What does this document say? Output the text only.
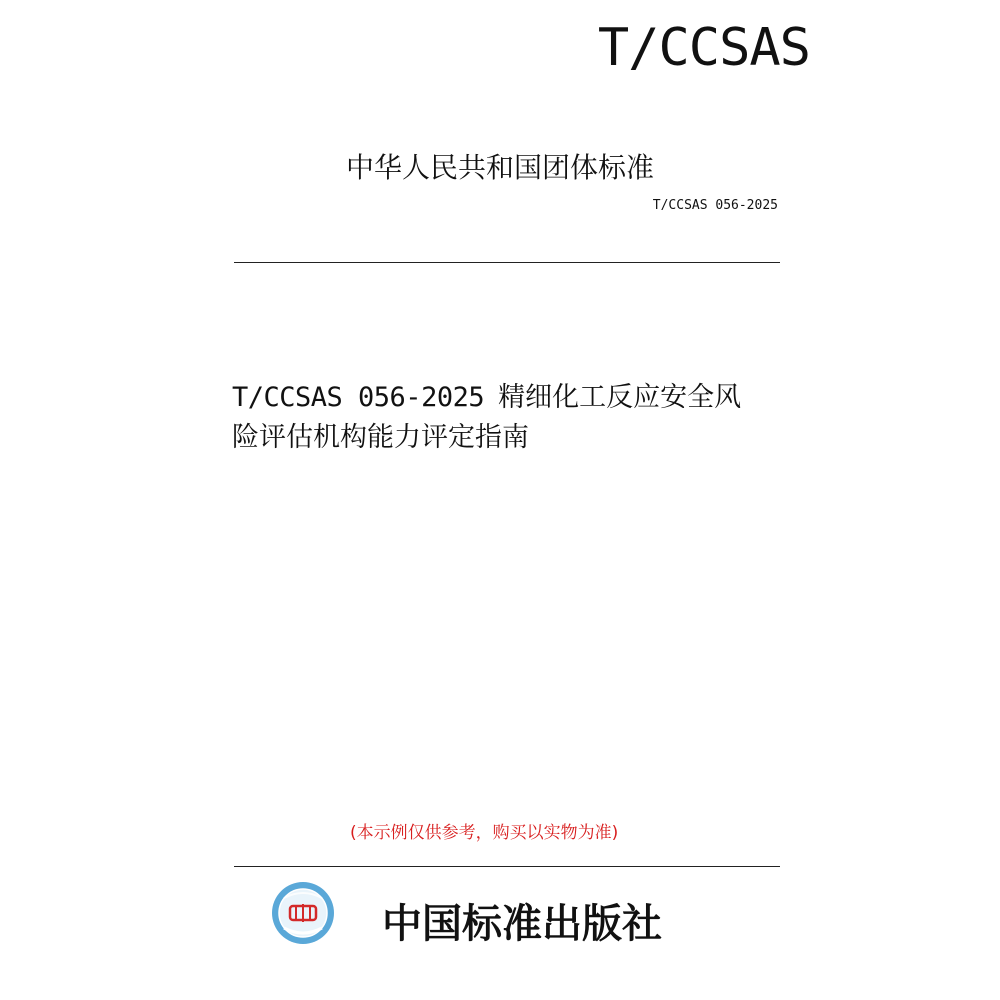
T/CCSAS
中华人民共和国团体标准
T/CCSAS 056-2025
T/CCSAS 056-2025 精细化工反应安全风
险评估机构能力评定指南
(本示例仅供参考，购买以实物为准)
中国标准出版社
